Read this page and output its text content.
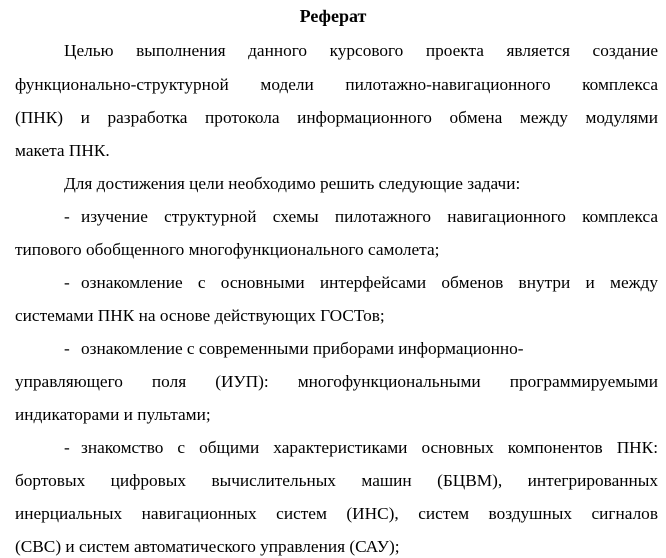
Реферат
Целью выполнения данного курсового проекта является создание
функционально-структурной модели пилотажно-навигационного комплекса
(ПНК) и разработка протокола информационного обмена между модулями
макета ПНК.
Для достижения цели необходимо решить следующие задачи:
- изучение структурной схемы пилотажного навигационного комплекса
типового обобщенного многофункционального самолета;
- ознакомление с основными интерфейсами обменов внутри и между
системами ПНК на основе действующих ГОСТов;
- ознакомление с современными приборами информационно-
управляющего поля (ИУП): многофункциональными программируемыми
индикаторами и пультами;
- знакомство с общими характеристиками основных компонентов ПНК:
бортовых цифровых вычислительных машин (БЦВМ), интегрированных
инерциальных навигационных систем (ИНС), систем воздушных сигналов
(СВС) и систем автоматического управления (САУ);
